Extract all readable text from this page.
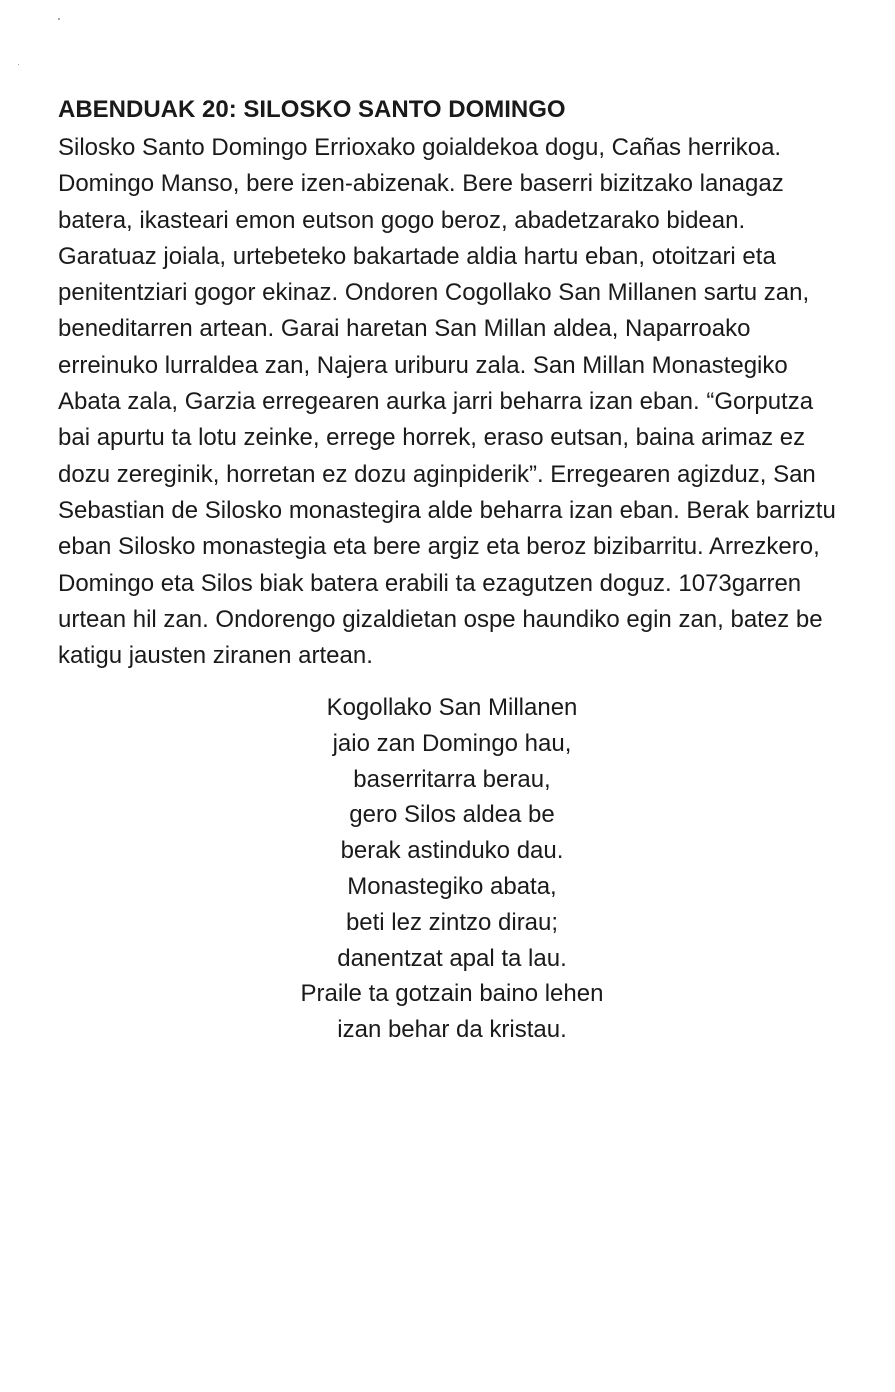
ABENDUAK 20: SILOSKO SANTO DOMINGO

Silosko Santo Domingo Errioxako goialdekoa dogu, Cañas herrikoa.
Domingo Manso, bere izen-abizenak. Bere baserri bizitzako lanagaz
batera, ikasteari emon eutson gogo beroz, abadetzarako bidean.
Garatuaz joiala, urtebeteko bakartade aldia hartu eban, otoitzari eta
penitentziari gogor ekinaz. Ondoren Cogollako San Millanen sartu zan,
beneditarren artean. Garai haretan San Millan aldea, Naparroako
erreinuko lurraldea zan, Najera uriburu zala. San Millan Monastegiko
Abata zala, Garzia erregearen aurka jarri beharra izan eban. “Gorputza
bai apurtu ta lotu zeinke, errege horrek, eraso eutsan, baina arimaz ez
dozu zereginik, horretan ez dozu aginpiderik”. Erregearen agizduz, San
Sebastian de Silosko monastegira alde beharra izan eban. Berak barriztu
eban Silosko monastegia eta bere argiz eta beroz bizibarritu. Arrezkero,
Domingo eta Silos biak batera erabili ta ezagutzen doguz. 1073garren
urtean hil zan. Ondorengo gizaldietan ospe haundiko egin zan, batez be
katigu jausten ziranen artean.

Kogollako San Millanen
jaio zan Domingo hau,
baserritarra berau,
gero Silos aldea be
berak astinduko dau.
Monastegiko abata,
beti lez zintzo dirau;
danentzat apal ta lau.
Praile ta gotzain baino lehen
izan behar da kristau.
